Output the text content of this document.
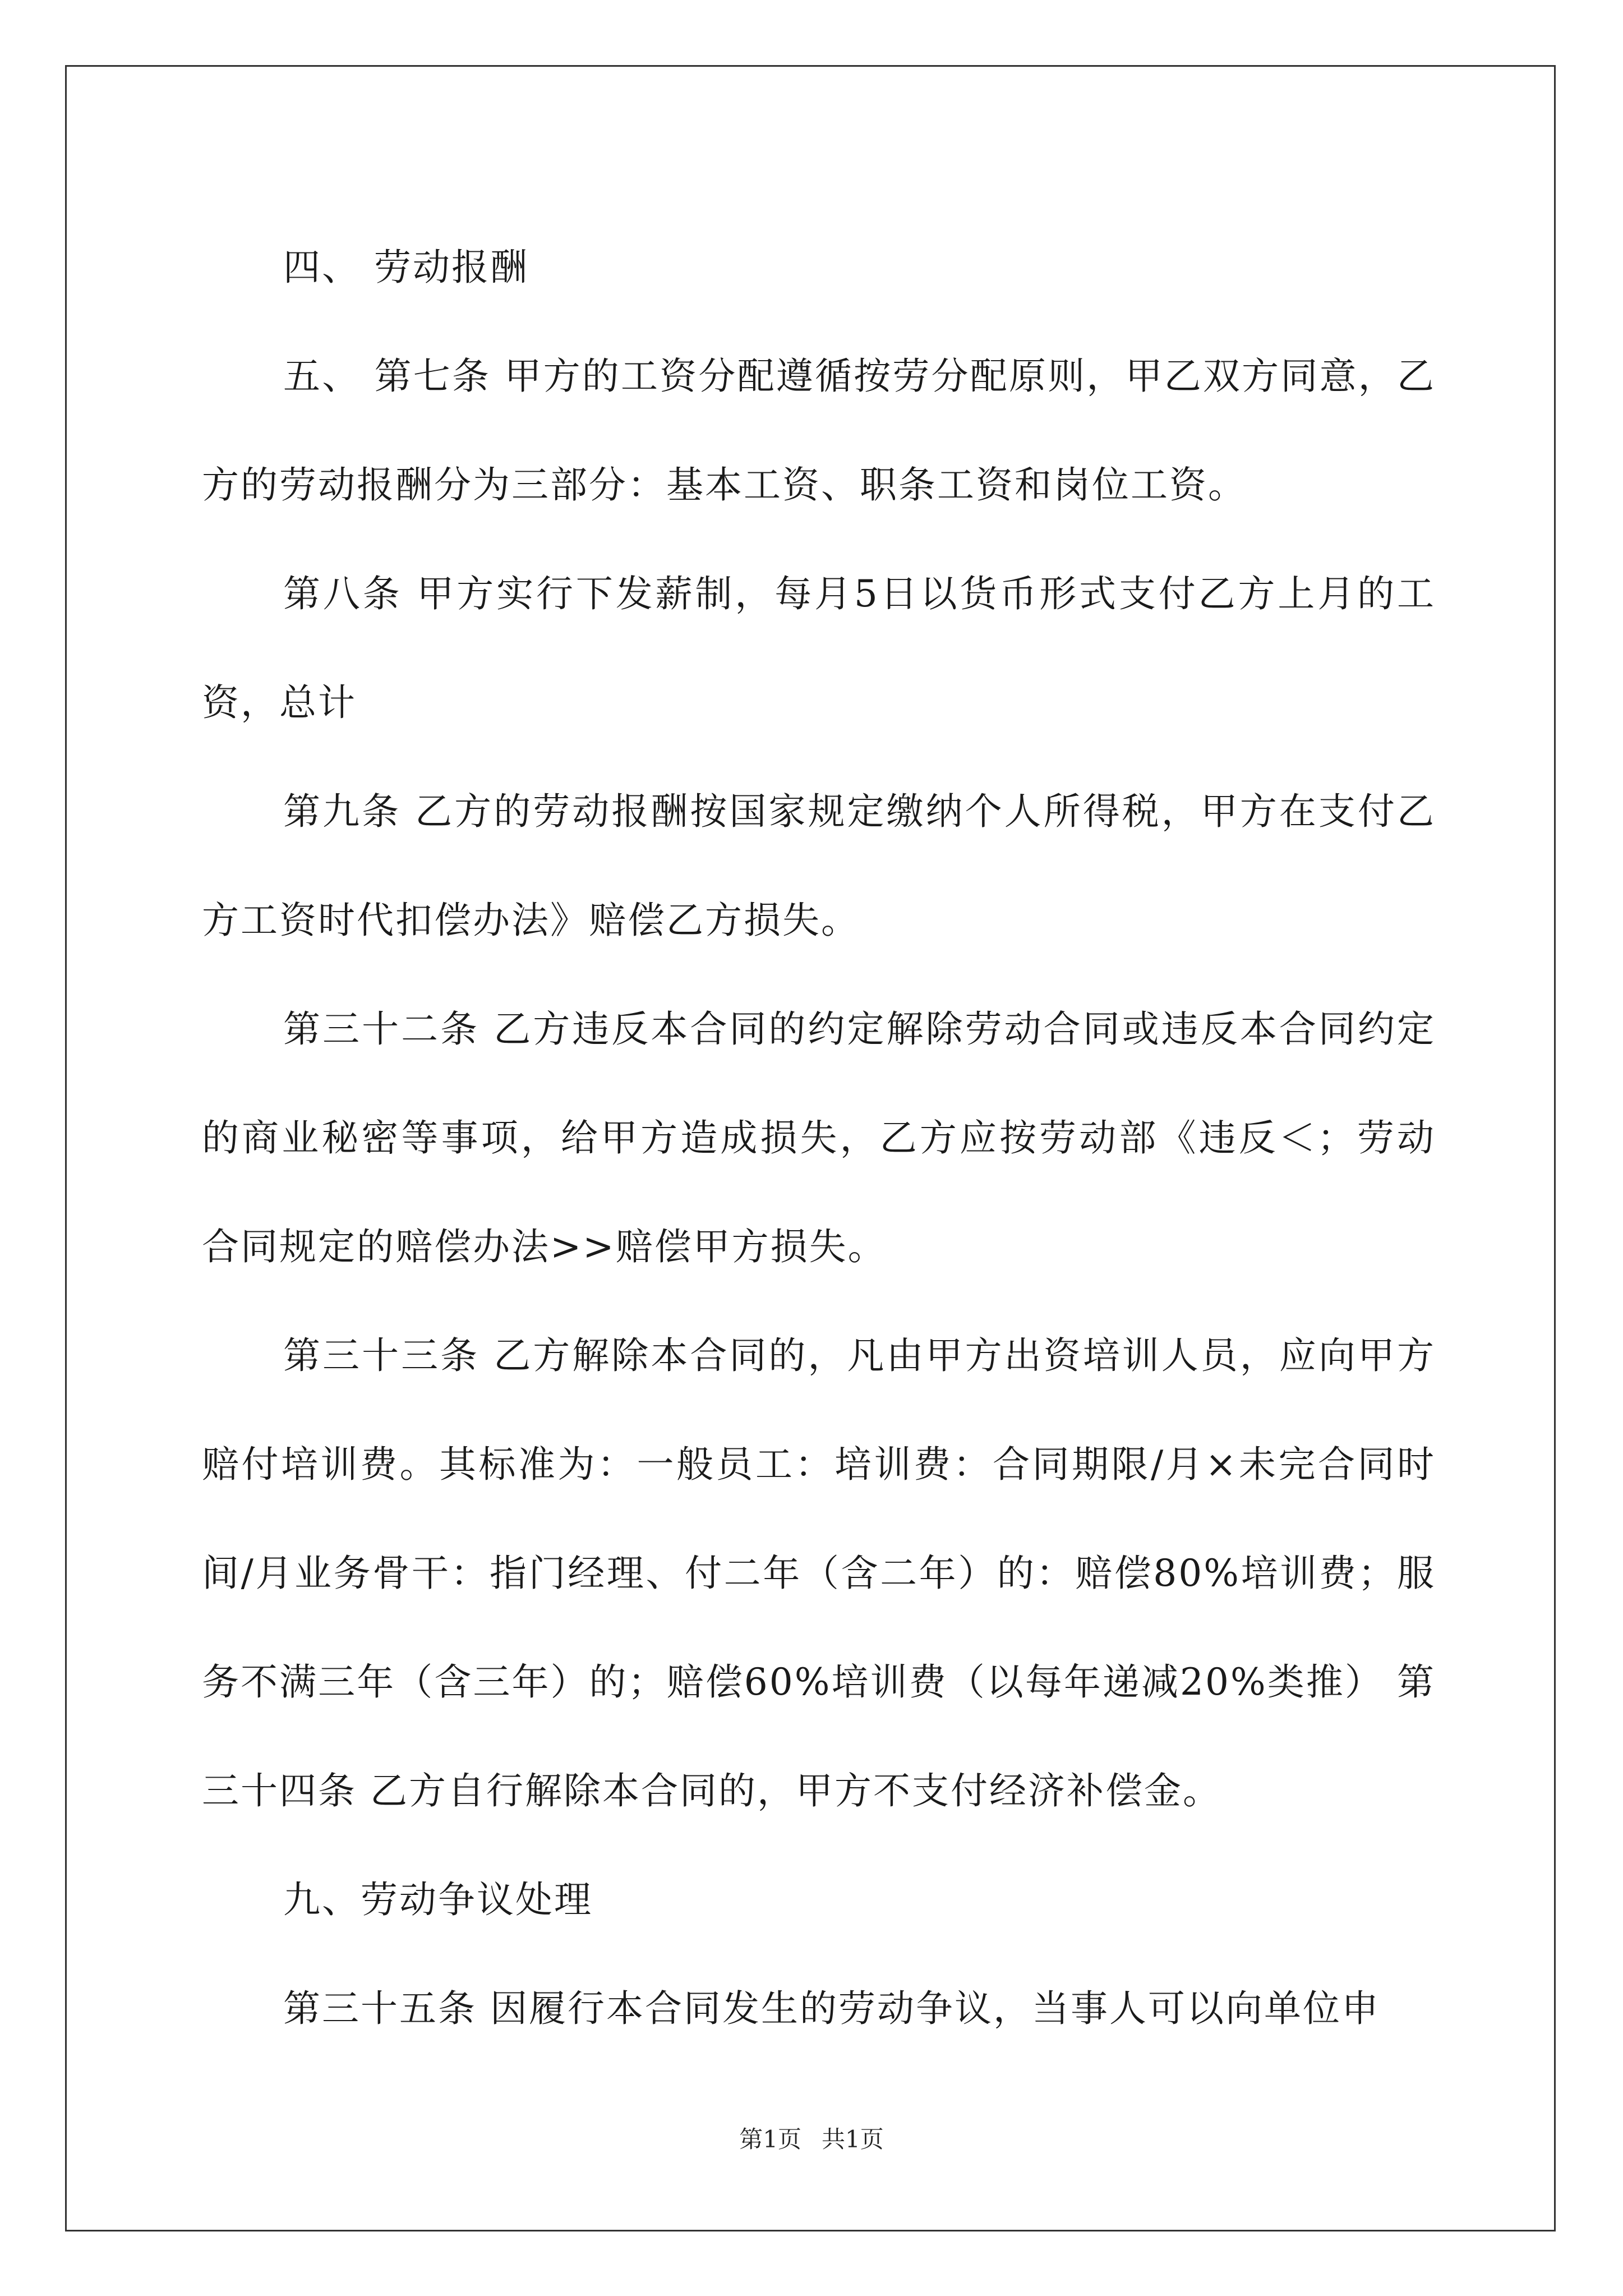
四、 劳动报酬

五、 第七条 甲方的工资分配遵循按劳分配原则，甲乙双方同意，乙方的劳动报酬分为三部分：基本工资、职条工资和岗位工资。

第八条 甲方实行下发薪制，每月5日以货币形式支付乙方上月的工资，总计

第九条 乙方的劳动报酬按国家规定缴纳个人所得税，甲方在支付乙方工资时代扣偿办法》赔偿乙方损失。

第三十二条 乙方违反本合同的约定解除劳动合同或违反本合同约定的商业秘密等事项，给甲方造成损失，乙方应按劳动部《违反＜；劳动合同规定的赔偿办法>>赔偿甲方损失。

第三十三条 乙方解除本合同的，凡由甲方出资培训人员，应向甲方赔付培训费。其标准为：一般员工：培训费：合同期限/月×未完合同时间/月业务骨干：指门经理、付二年（含二年）的：赔偿80%培训费；服务不满三年（含三年）的；赔偿60%培训费（以每年递减20%类推） 第三十四条 乙方自行解除本合同的，甲方不支付经济补偿金。

九、劳动争议处理

第三十五条 因履行本合同发生的劳动争议，当事人可以向单位申

第1页 共1页
